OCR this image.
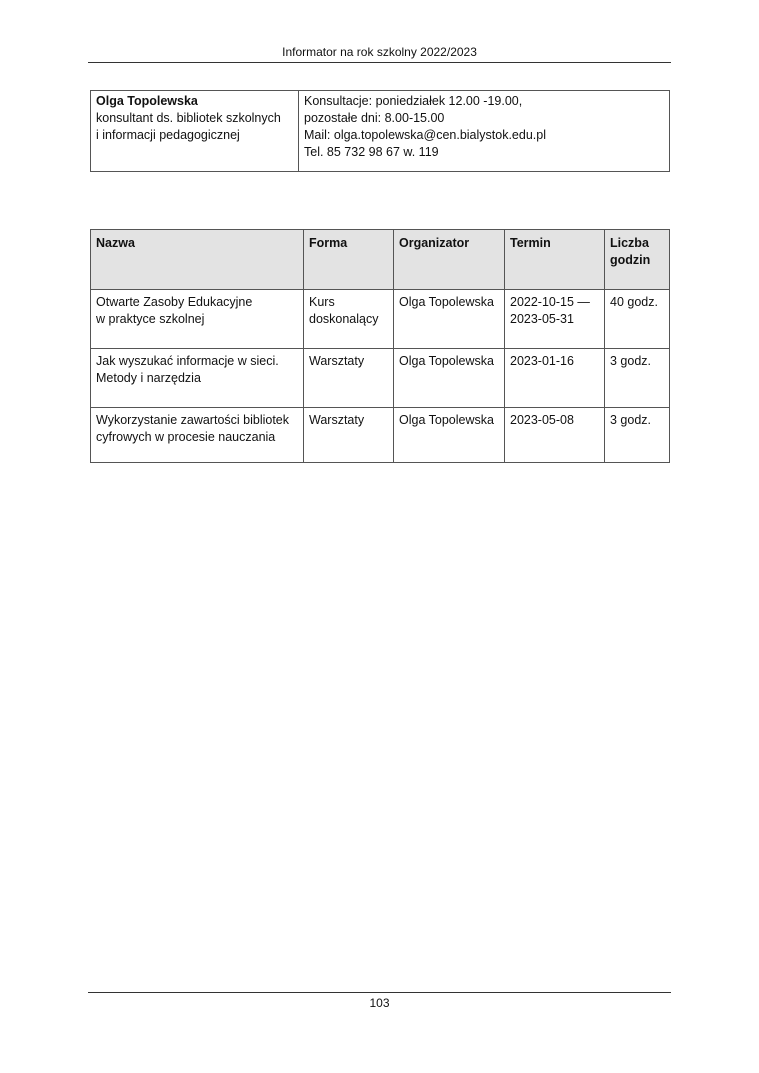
Informator na rok szkolny 2022/2023
Olga Topolewska
konsultant ds. bibliotek szkolnych
i informacji pedagogicznej

Konsultacje: poniedziałek 12.00 -19.00,
pozostałe dni: 8.00-15.00
Mail: olga.topolewska@cen.bialystok.edu.pl
Tel. 85 732 98 67 w. 119
Nazwa	Forma	Organizator	Termin	Liczba
godzin

Otwarte Zasoby Edukacyjne
w praktyce szkolnej	Kurs
doskonalący	Olga Topolewska	2022-10-15 —
2023-05-31	40 godz.

Jak wyszukać informacje w sieci.
Metody i narzędzia	Warsztaty	Olga Topolewska	2023-01-16	3 godz.

Wykorzystanie zawartości bibliotek
cyfrowych w procesie nauczania	Warsztaty	Olga Topolewska	2023-05-08	3 godz.
103
